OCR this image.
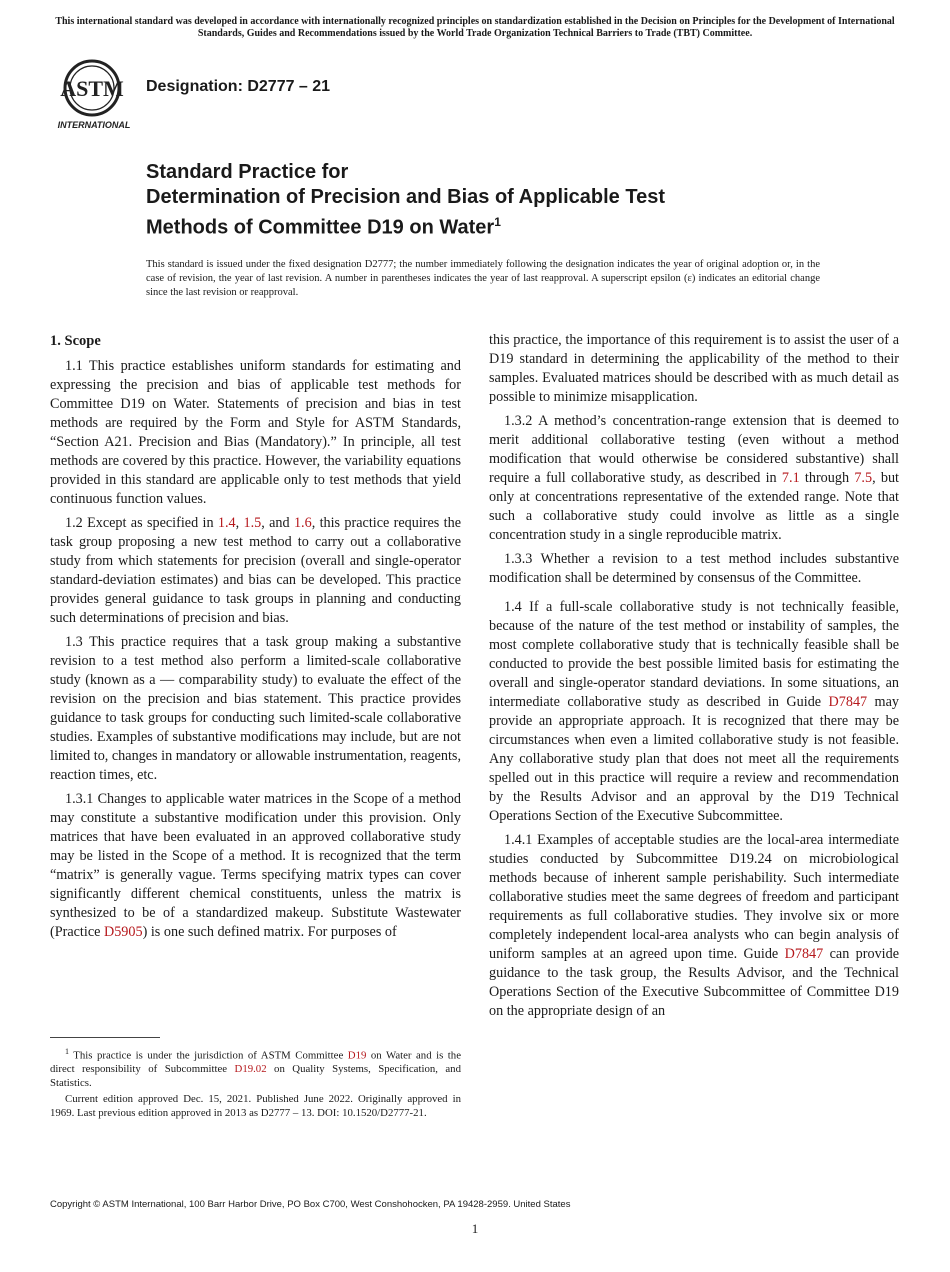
This international standard was developed in accordance with internationally recognized principles on standardization established in the Decision on Principles for the Development of International Standards, Guides and Recommendations issued by the World Trade Organization Technical Barriers to Trade (TBT) Committee.
ASTM
INTERNATIONAL
Designation: D2777 – 21
Standard Practice for
Determination of Precision and Bias of Applicable Test
Methods of Committee D19 on Water$^1$
This standard is issued under the fixed designation D2777; the number immediately following the designation indicates the year of original adoption or, in the case of revision, the year of last revision. A number in parentheses indicates the year of last reapproval. A superscript epsilon (ε) indicates an editorial change since the last revision or reapproval.
1. Scope

1.1 This practice establishes uniform standards for estimating and expressing the precision and bias of applicable test methods for Committee D19 on Water. Statements of precision and bias in test methods are required by the Form and Style for ASTM Standards, “Section A21. Precision and Bias (Mandatory).” In principle, all test methods are covered by this practice. However, the variability equations provided in this standard are applicable only to test methods that yield continuous function values.

1.2 Except as specified in 1.4, 1.5, and 1.6, this practice requires the task group proposing a new test method to carry out a collaborative study from which statements for precision (overall and single-operator standard-deviation estimates) and bias can be developed. This practice provides general guidance to task groups in planning and conducting such determinations of precision and bias.

1.3 This practice requires that a task group making a substantive revision to a test method also perform a limited-scale collaborative study (known as a — comparability study) to evaluate the effect of the revision on the precision and bias statement. This practice provides guidance to task groups for conducting such limited-scale collaborative studies. Examples of substantive modifications may include, but are not limited to, changes in mandatory or allowable instrumentation, reagents, reaction times, etc.

1.3.1 Changes to applicable water matrices in the Scope of a method may constitute a substantive modification under this provision. Only matrices that have been evaluated in an approved collaborative study may be listed in the Scope of a method. It is recognized that the term “matrix” is generally vague. Terms specifying matrix types can cover significantly different chemical constituents, unless the matrix is synthesized to be of a standardized makeup. Substitute Wastewater (Practice D5905) is one such defined matrix. For purposes of

this practice, the importance of this requirement is to assist the user of a D19 standard in determining the applicability of the method to their samples. Evaluated matrices should be described with as much detail as possible to minimize misapplication.

1.3.2 A method’s concentration-range extension that is deemed to merit additional collaborative testing (even without a method modification that would otherwise be considered substantive) shall require a full collaborative study, as described in 7.1 through 7.5, but only at concentrations representative of the extended range. Note that such a collaborative study could involve as little as a single concentration study in a single reproducible matrix.

1.3.3 Whether a revision to a test method includes substantive modification shall be determined by consensus of the Committee.

1.4 If a full-scale collaborative study is not technically feasible, because of the nature of the test method or instability of samples, the most complete collaborative study that is technically feasible shall be conducted to provide the best possible limited basis for estimating the overall and single-operator standard deviations. In some situations, an intermediate collaborative study as described in Guide D7847 may provide an appropriate approach. It is recognized that there may be circumstances when even a limited collaborative study is not feasible. Any collaborative study plan that does not meet all the requirements spelled out in this practice will require a review and recommendation by the Results Advisor and an approval by the D19 Technical Operations Section of the Executive Subcommittee.

1.4.1 Examples of acceptable studies are the local-area intermediate studies conducted by Subcommittee D19.24 on microbiological methods because of inherent sample perishability. Such intermediate collaborative studies meet the same degrees of freedom and participant requirements as full collaborative studies. They involve six or more completely independent local-area analysts who can begin analysis of uniform samples at an agreed upon time. Guide D7847 can provide guidance to the task group, the Results Advisor, and the Technical Operations Section of the Executive Subcommittee of Committee D19 on the appropriate design of an

$^1$ This practice is under the jurisdiction of ASTM Committee D19 on Water and is the direct responsibility of Subcommittee D19.02 on Quality Systems, Specification, and Statistics.

Current edition approved Dec. 15, 2021. Published June 2022. Originally approved in 1969. Last previous edition approved in 2013 as D2777 – 13. DOI: 10.1520/D2777-21.

Copyright © ASTM International, 100 Barr Harbor Drive, PO Box C700, West Conshohocken, PA 19428-2959. United States
1
